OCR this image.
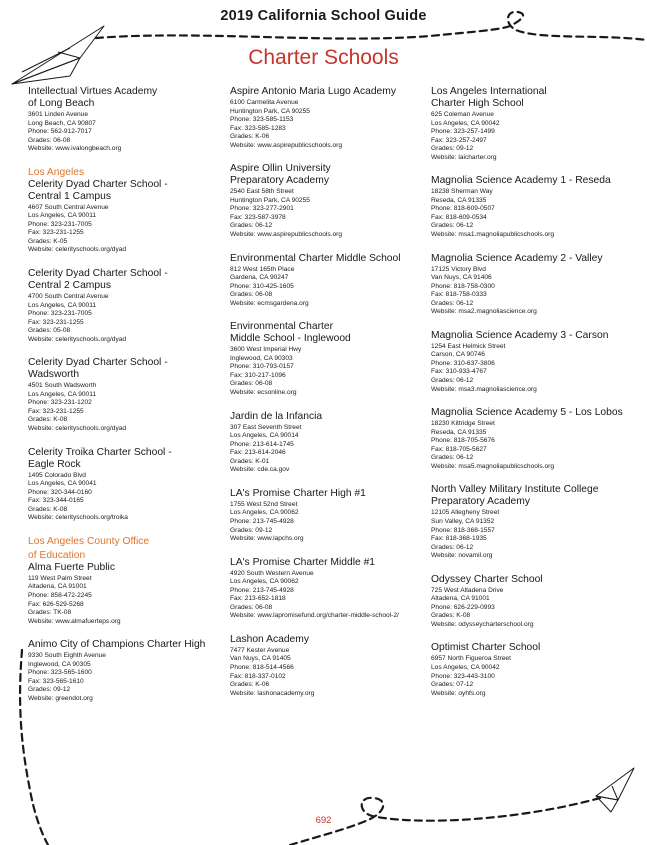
2019 California School Guide
Charter Schools
Intellectual Virtues Academy
of Long Beach
3601 Linden Avenue
Long Beach, CA 90807
Phone: 562-912-7017
Grades: 06-08
Website: www.ivalongbeach.org
Los Angeles
Celerity Dyad Charter School -
Central 1 Campus
4607 South Central Avenue
Los Angeles, CA 90011
Phone: 323-231-7005
Fax: 323-231-1255
Grades: K-05
Website: celerityschools.org/dyad
Celerity Dyad Charter School -
Central 2 Campus
4700 South Central Avenue
Los Angeles, CA 90011
Phone: 323-231-7005
Fax: 323-231-1255
Grades: 05-08
Website: celerityschools.org/dyad
Celerity Dyad Charter School -
Wadsworth
4501 South Wadsworth
Los Angeles, CA 90011
Phone: 323-231-1202
Fax: 323-231-1255
Grades: K-08
Website: celerityschools.org/dyad
Celerity Troika Charter School -
Eagle Rock
1495 Colorado Blvd
Los Angeles, CA 90041
Phone: 320-344-0160
Fax: 323-344-0165
Grades: K-08
Website: celerityschools.org/troika
Los Angeles County Office
of Education
Alma Fuerte Public
119 West Palm Street
Altadena, CA 91001
Phone: 858-472-2245
Fax: 626-529-5268
Grades: TK-08
Website: www.almafuerteps.org
Animo City of Champions Charter High
9330 South Eighth Avenue
Inglewood, CA 90305
Phone: 323-565-1600
Fax: 323-565-1610
Grades: 09-12
Website: greendot.org
Aspire Antonio Maria Lugo Academy
6100 Carmelita Avenue
Huntington Park, CA 90255
Phone: 323-585-1153
Fax: 323-585-1283
Grades: K-06
Website: www.aspirepublicschools.org
Aspire Ollin University
Preparatory Academy
2540 East 58th Street
Huntington Park, CA 90255
Phone: 323-277-2901
Fax: 323-587-3978
Grades: 06-12
Website: www.aspirepublicschools.org
Environmental Charter Middle School
812 West 165th Place
Gardena, CA 90247
Phone: 310-425-1605
Grades: 06-08
Website: ecmsgardena.org
Environmental Charter
Middle School - Inglewood
3600 West Imperial Hwy
Inglewood, CA 90303
Phone: 310-793-0157
Fax: 310-217-1096
Grades: 06-08
Website: ecsonline.org
Jardin de la Infancia
307 East Seventh Street
Los Angeles, CA 90014
Phone: 213-614-1745
Fax: 213-614-2046
Grades: K-01
Website: cde.ca.gov
LA's Promise Charter High #1
1755 West 52nd Street
Los Angeles, CA 90062
Phone: 213-745-4928
Grades: 09-12
Website: www.lapchs.org
LA's Promise Charter Middle #1
4920 South Western Avenue
Los Angeles, CA 90062
Phone: 213-745-4928
Fax: 213-652-1818
Grades: 06-08
Website: www.lapromisefund.org/charter-middle-school-2/
Lashon Academy
7477 Kester Avenue
Van Nuys, CA 91405
Phone: 818-514-4566
Fax: 818-337-0102
Grades: K-06
Website: lashonacademy.org
Los Angeles International
Charter High School
625 Coleman Avenue
Los Angeles, CA 90042
Phone: 323-257-1499
Fax: 323-257-2497
Grades: 09-12
Website: laicharter.org
Magnolia Science Academy 1 - Reseda
18238 Sherman Way
Reseda, CA 91335
Phone: 818-609-0507
Fax: 818-609-0534
Grades: 06-12
Website: msa1.magnoliapublicschools.org
Magnolia Science Academy 2 - Valley
17125 Victory Blvd
Van Nuys, CA 91406
Phone: 818-758-0300
Fax: 818-758-0333
Grades: 06-12
Website: msa2.magnoliascience.org
Magnolia Science Academy 3 - Carson
1254 East Helmick Street
Carson, CA 90746
Phone: 310-637-3806
Fax: 310-933-4767
Grades: 06-12
Website: msa3.magnoliascience.org
Magnolia Science Academy 5 - Los Lobos
18230 Kittridge Street
Reseda, CA 91335
Phone: 818-705-5676
Fax: 818-705-5627
Grades: 06-12
Website: msa5.magnoliapublicschools.org
North Valley Military Institute College
Preparatory Academy
12105 Allegheny Street
Sun Valley, CA 91352
Phone: 818-368-1557
Fax: 818-368-1935
Grades: 06-12
Website: novamil.org
Odyssey Charter School
725 West Altadena Drive
Altadena, CA 91001
Phone: 626-229-0993
Grades: K-08
Website: odysseycharterschool.org
Optimist Charter School
6957 North Figueroa Street
Los Angeles, CA 90042
Phone: 323-443-3100
Grades: 07-12
Website: oyhfs.org
692
